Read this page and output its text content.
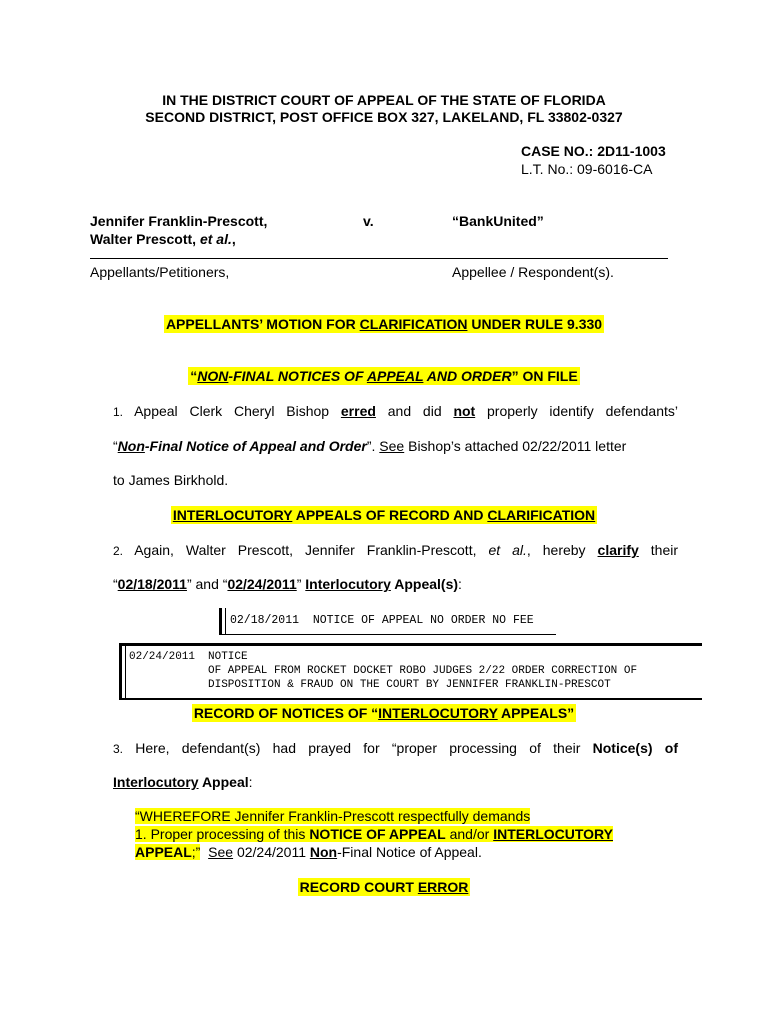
IN THE DISTRICT COURT OF APPEAL OF THE STATE OF FLORIDA
SECOND DISTRICT, POST OFFICE BOX 327, LAKELAND, FL 33802-0327
CASE NO.: 2D11-1003
L.T. No.: 09-6016-CA
Jennifer Franklin-Prescott,	v.	“BankUnited”
Walter Prescott, et al.,
Appellants/Petitioners,	Appellee / Respondent(s).
APPELLANTS’ MOTION FOR CLARIFICATION UNDER RULE 9.330
“NON-FINAL NOTICES OF APPEAL AND ORDER” ON FILE
1. Appeal Clerk Cheryl Bishop erred and did not properly identify defendants’
“Non-Final Notice of Appeal and Order”. See Bishop’s attached 02/22/2011 letter
to James Birkhold.
INTERLOCUTORY APPEALS OF RECORD AND CLARIFICATION
2. Again, Walter Prescott, Jennifer Franklin-Prescott, et al., hereby clarify their
“02/18/2011” and “02/24/2011” Interlocutory Appeal(s):
02/18/2011  NOTICE OF APPEAL NO ORDER NO FEE
02/24/2011 NOTICE
OF APPEAL FROM ROCKET DOCKET ROBO JUDGES 2/22 ORDER CORRECTION OF
DISPOSITION & FRAUD ON THE COURT BY JENNIFER FRANKLIN-PRESCOT
RECORD OF NOTICES OF “INTERLOCUTORY APPEALS”
3. Here, defendant(s) had prayed for “proper processing of their Notice(s) of
Interlocutory Appeal:
“WHEREFORE Jennifer Franklin-Prescott respectfully demands
1. Proper processing of this NOTICE OF APPEAL and/or INTERLOCUTORY
APPEAL;” See 02/24/2011 Non-Final Notice of Appeal.
RECORD COURT ERROR
